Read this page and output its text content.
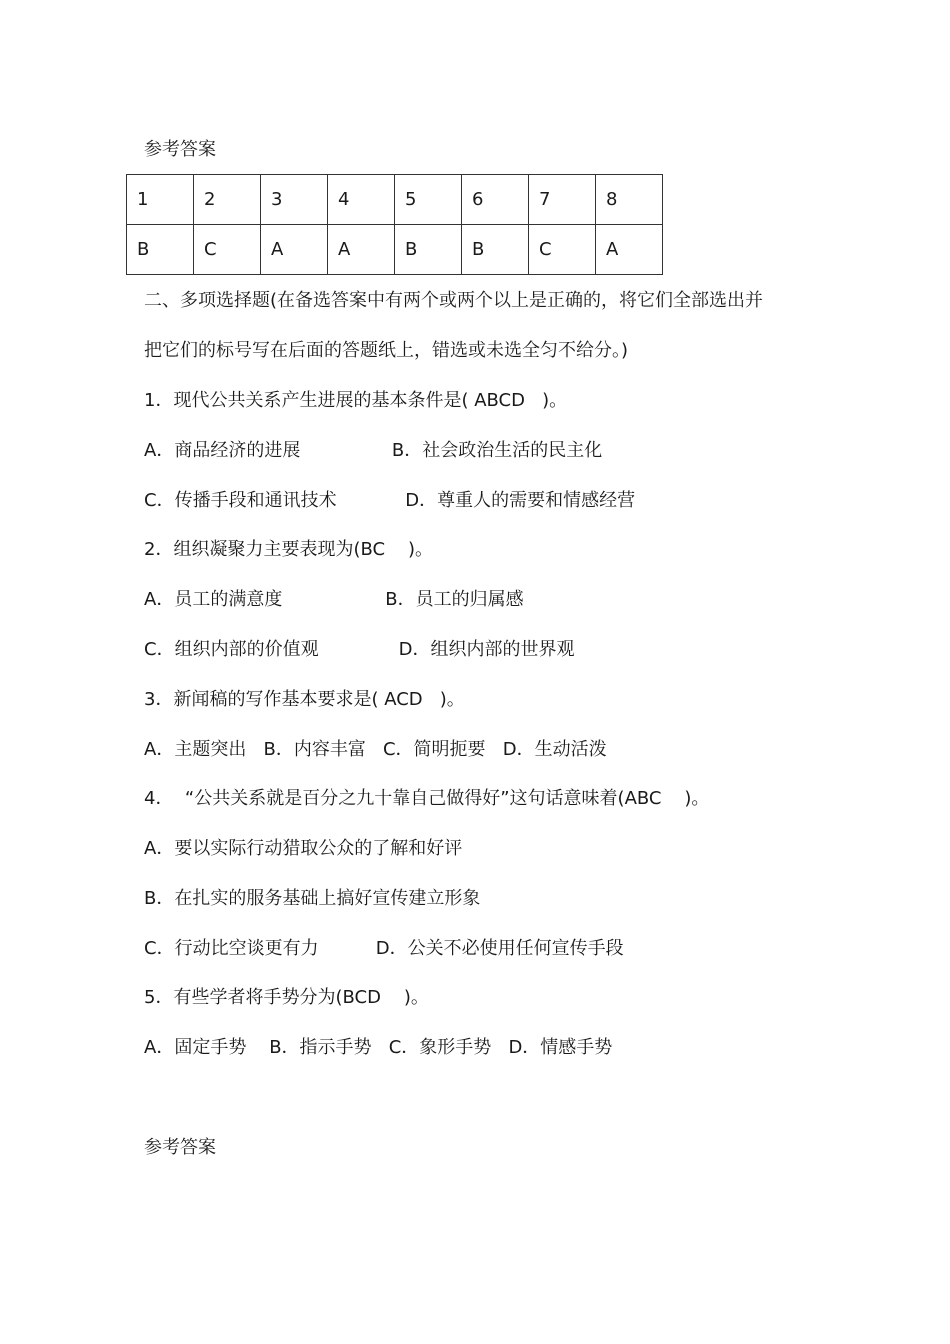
参考答案
1	2	3	4	5	6	7	8
B	C	A	A	B	B	C	A
二、多项选择题(在备选答案中有两个或两个以上是正确的，将它们全部选出并
把它们的标号写在后面的答题纸上，错选或未选全匀不给分。)
1．现代公共关系产生进展的基本条件是( ABCD   )。
A．商品经济的进展                B．社会政治生活的民主化
C．传播手段和通讯技术            D．尊重人的需要和情感经营
2．组织凝聚力主要表现为(BC    )。
A．员工的满意度                  B．员工的归属感
C．组织内部的价值观              D．组织内部的世界观
3．新闻稿的写作基本要求是( ACD   )。
A．主题突出   B．内容丰富   C．简明扼要   D．生动活泼
4．  “公共关系就是百分之九十靠自己做得好”这句话意味着(ABC    )。
A．要以实际行动猎取公众的了解和好评
B．在扎实的服务基础上搞好宣传建立形象
C．行动比空谈更有力          D．公关不必使用任何宣传手段
5．有些学者将手势分为(BCD    )。
A．固定手势    B．指示手势   C．象形手势   D．情感手势
参考答案
